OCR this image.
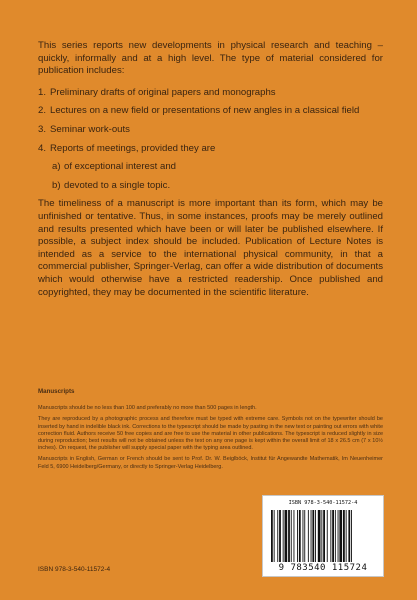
This series reports new developments in physical research and teaching – quickly, informally and at a high level. The type of material considered for publication includes:

1. Preliminary drafts of original papers and monographs
2. Lectures on a new field or presentations of new angles in a classical field
3. Seminar work-outs
4. Reports of meetings, provided they are
a) of exceptional interest and
b) devoted to a single topic.

The timeliness of a manuscript is more important than its form, which may be unfinished or tentative. Thus, in some instances, proofs may be merely outlined and results presented which have been or will later be published elsewhere. If possible, a subject index should be included. Publication of Lecture Notes is intended as a service to the international physical community, in that a commercial publisher, Springer-Verlag, can offer a wide distribution of documents which would otherwise have a restricted readership. Once published and copyrighted, they may be documented in the scientific literature.

Manuscripts

Manuscripts should be no less than 100 and preferably no more than 500 pages in length.

They are reproduced by a photographic process and therefore must be typed with extreme care. Symbols not on the typewriter should be inserted by hand in indelible black ink. Corrections to the typescript should be made by pasting in the new text or painting out errors with white correction fluid. Authors receive 50 free copies and are free to use the material in other publications. The typescript is reduced slightly in size during reproduction; best results will not be obtained unless the text on any one page is kept within the overall limit of 18 x 26.5 cm (7 x 10½ inches). On request, the publisher will supply special paper with the typing area outlined.

Manuscripts in English, German or French should be sent to Prof. Dr. W. Beiglböck, Institut für Angewandte Mathematik, Im Neuenheimer Feld 5, 6900 Heidelberg/Germany, or directly to Springer-Verlag Heidelberg.

ISBN 978-3-540-11572-4
9 783540 115724
ISBN 978-3-540-11572-4
